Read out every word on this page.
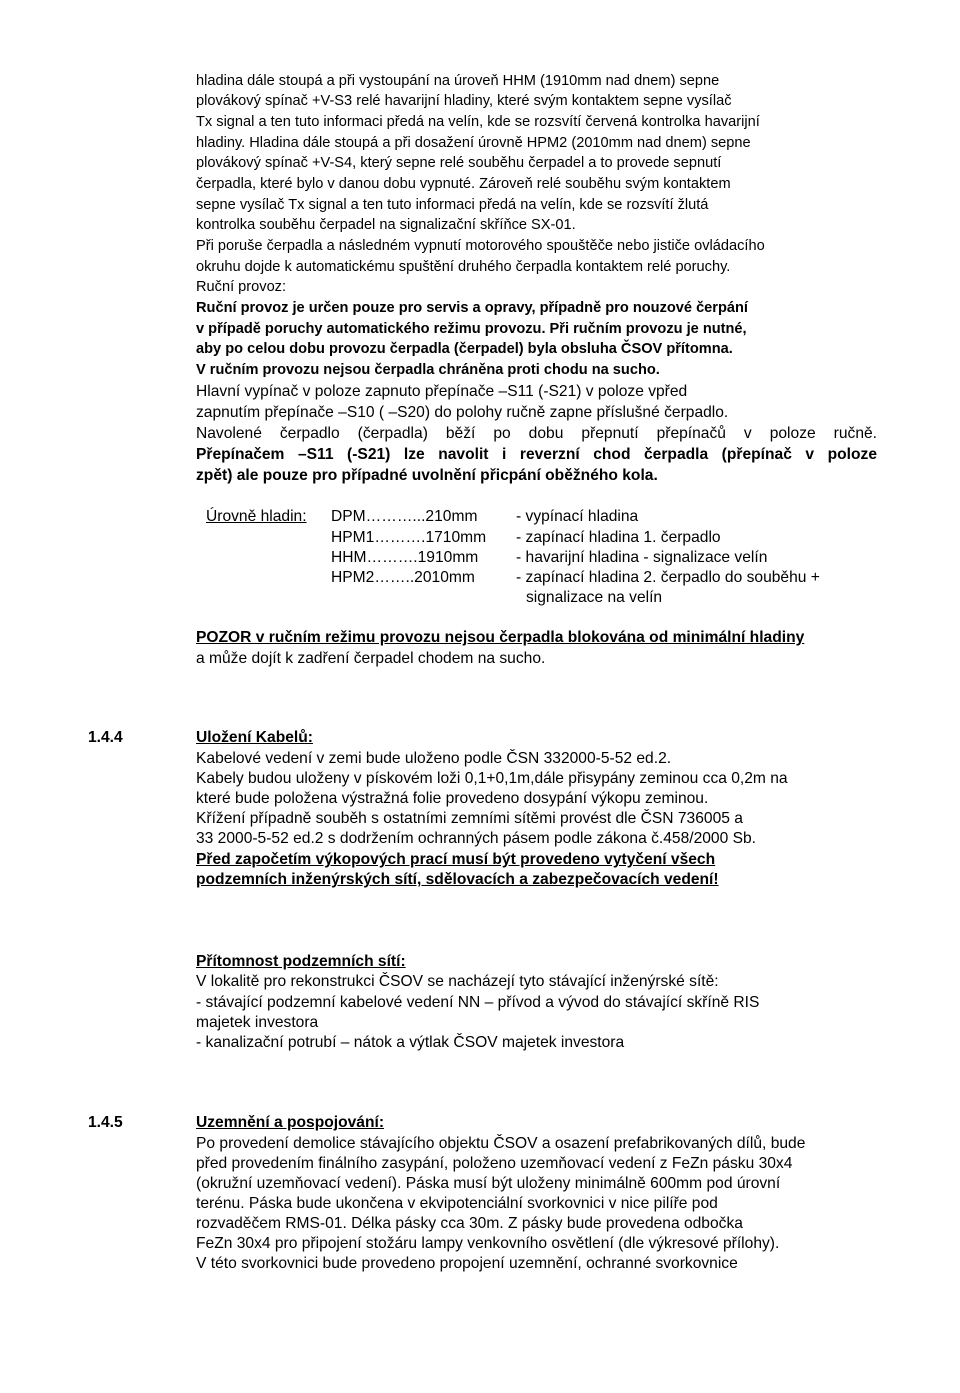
hladina dále stoupá a při vystoupání na úroveň HHM (1910mm nad dnem) sepne
plovákový spínač +V-S3 relé havarijní hladiny, které svým kontaktem sepne vysílač
Tx signal a ten tuto informaci předá na velín, kde se rozsvítí červená kontrolka havarijní
hladiny. Hladina dále stoupá a při dosažení úrovně HPM2 (2010mm nad dnem) sepne
plovákový spínač +V-S4, který sepne relé souběhu čerpadel a to provede sepnutí
čerpadla, které bylo v danou dobu vypnuté. Zároveň relé souběhu svým kontaktem
sepne vysílač Tx signal a ten tuto informaci předá na velín, kde se rozsvítí žlutá
kontrolka souběhu čerpadel na signalizační skříňce SX-01.
Při poruše čerpadla a následném vypnutí motorového spouštěče nebo jističe ovládacího
okruhu dojde k automatickému spuštění druhého čerpadla kontaktem relé poruchy.
Ruční provoz:
Ruční provoz je určen pouze pro servis a opravy, případně pro nouzové čerpání
v případě poruchy automatického režimu provozu. Při ručním provozu je nutné,
aby po celou dobu provozu čerpadla (čerpadel) byla obsluha ČSOV přítomna.
V ručním provozu nejsou čerpadla chráněna proti chodu na sucho.
Hlavní vypínač v poloze zapnuto přepínače –S11 (-S21) v poloze vpřed
zapnutím přepínače –S10 ( –S20) do polohy ručně zapne příslušné čerpadlo.
Navolené čerpadlo (čerpadla) běží po dobu přepnutí přepínačů v poloze ručně.
Přepínačem –S11 (-S21) lze navolit i reverzní chod čerpadla (přepínač v poloze
zpět) ale pouze pro případné uvolnění přicpání oběžného kola.
Úrovně hladin: DPM………...210mm - vypínací hladina
HPM1……….1710mm - zapínací hladina 1. čerpadlo
HHM……….1910mm - havarijní hladina - signalizace velín
HPM2……..2010mm	- zapínací hladina 2. čerpadlo do souběhu +
signalizace na velín
POZOR v ručním režimu provozu nejsou čerpadla blokována od minimální hladiny
a může dojít k zadření čerpadel chodem na sucho.
1.4.4	Uložení Kabelů:
Kabelové vedení v zemi bude uloženo podle ČSN 332000-5-52 ed.2.
Kabely budou uloženy v pískovém loži 0,1+0,1m,dále přisypány zeminou cca 0,2m na
které bude položena výstražná folie provedeno dosypání výkopu zeminou.
Křížení případně souběh s ostatními zemními sítěmi provést dle ČSN 736005 a
33 2000-5-52 ed.2 s dodržením ochranných pásem podle zákona č.458/2000 Sb.
Před započetím výkopových prací musí být provedeno vytyčení všech
podzemních inženýrských sítí, sdělovacích a zabezpečovacích vedení!
Přítomnost podzemních sítí:
V lokalitě pro rekonstrukci ČSOV se nacházejí tyto stávající inženýrské sítě:
- stávající podzemní kabelové vedení NN – přívod a vývod do stávající skříně RIS
majetek investora
- kanalizační potrubí – nátok a výtlak ČSOV majetek investora
1.4.5	Uzemnění a pospojování:
Po provedení demolice stávajícího objektu ČSOV a osazení prefabrikovaných dílů, bude
před provedením finálního zasypání, položeno uzemňovací vedení z FeZn pásku 30x4
(okružní uzemňovací vedení). Páska musí být uloženy minimálně 600mm pod úrovní
terénu. Páska bude ukončena v ekvipotenciální svorkovnici v nice pilíře pod
rozvaděčem RMS-01. Délka pásky cca 30m. Z pásky bude provedena odbočka
FeZn 30x4 pro připojení stožáru lampy venkovního osvětlení (dle výkresové přílohy).
V této svorkovnici bude provedeno propojení uzemnění, ochranné svorkovnice
